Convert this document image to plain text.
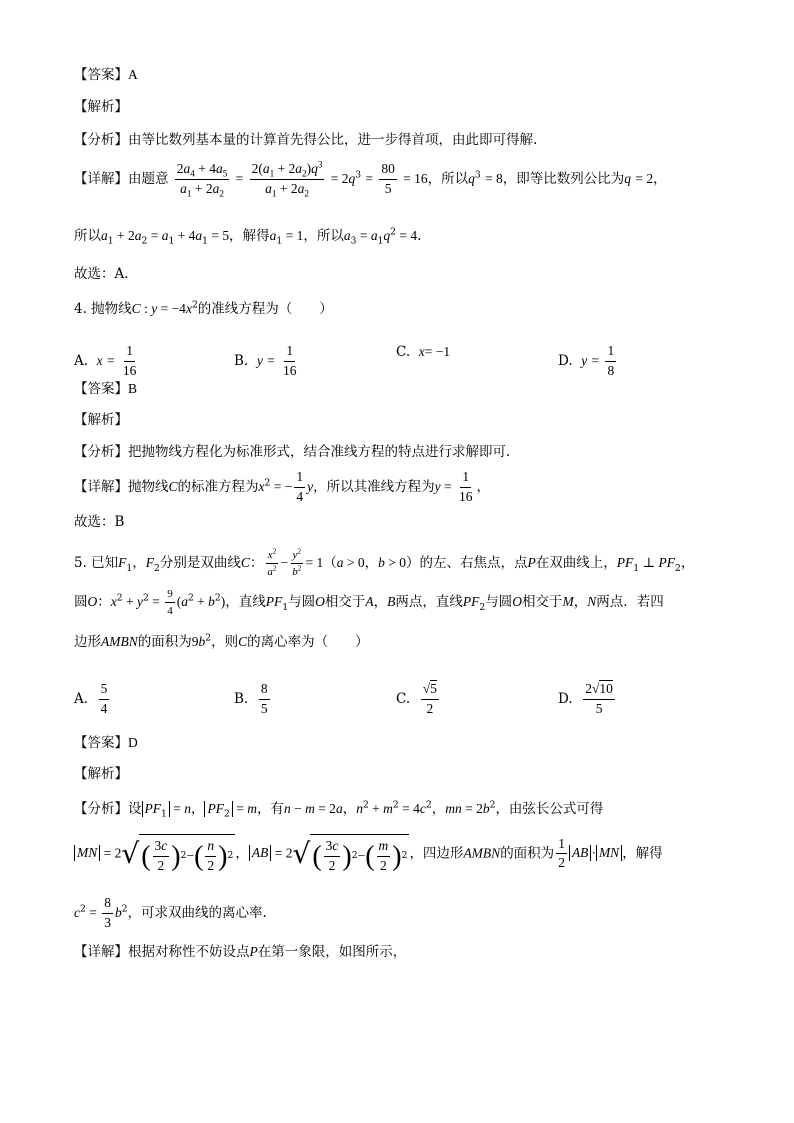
【答案】A
【解析】
【分析】由等比数列基本量的计算首先得公比，进一步得首项，由此即可得解.
【详解】由题意 $\frac{2a_4 + 4a_5}{a_1 + 2a_2} = \frac{2(a_1 + 2a_2)q^3}{a_1 + 2a_2} = 2q^3 = \frac{80}{5} = 16$，所以$q^3 = 8$，即等比数列公比为q = 2，
所以$a_1 + 2a_2 = a_1 + 4a_1 = 5$，解得$a_1 = 1$，所以$a_3 = a_1q^2 = 4$.
故选：A.
4. 抛物线C : $y = -4x^2$的准线方程为（　　）
A. $x = \frac{1}{16}$	B. $y = \frac{1}{16}$	C. x= −1
D. $y = \frac{1}{8}$
【答案】B
【解析】
【分析】把抛物线方程化为标准形式，结合准线方程的特点进行求解即可.
【详解】抛物线C的标准方程为$x^2$ = − $\frac{1}{4}$ y，所以其准线方程为$y = \frac{1}{16}$ ，
故选：B
5. 已知$F_1$，$F_2$分别是双曲线C： $\frac{x^2}{a^2} - \frac{y^2}{b^2} = 1(a > 0$，b > 0）的左、右焦点，点P在双曲线上，$PF_1$ ⊥ $PF_2$，
圆O：$x^2 + y^2 = \frac{9}{4} (a^2 + b^2)$，直线$PF_1$与圆O相交于A，B两点，直线$PF_2$与圆O相交于M，N两点．若四
边形AMBN的面积为$9b^2$，则C的离心率为（　　）
A. $\frac{5}{4}$	B. $\frac{8}{5}$	C. $\frac{√5}{2}$	D. $\frac{2√10}{5}$
【答案】D
【解析】
【分析】设 $PF_1 = n$， $PF_2 = m$，有n − m = 2a，$n^2 + m^2 = 4c^2$，mn = $2b^2$，由弦长公式可得
MN = 2 √ ( $\frac{3c}{2}$ ) 2 − ( $\frac{n}{2}$ ) 2 ， AB = 2 √ ( $\frac{3c}{2}$ ) 2 − ( $\frac{m}{2}$ ) 2 ，四边形AMBN的面积为 $\frac{1}{2}$ AB · MN ，解得
$c^2 = \frac{8}{3} b^2$，可求双曲线的离心率.
【详解】根据对称性不妨设点P在第一象限，如图所示，
